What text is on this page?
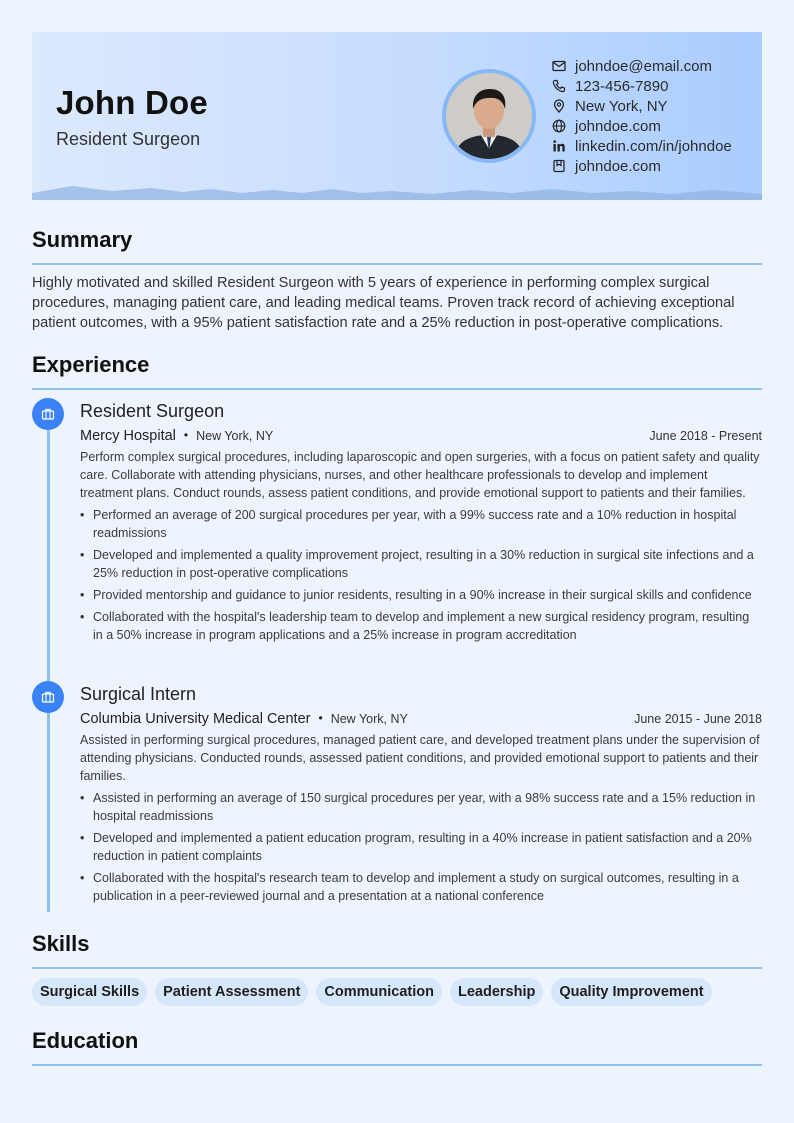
John Doe
Resident Surgeon
johndoe@email.com
123-456-7890
New York, NY
johndoe.com
linkedin.com/in/johndoe
johndoe.com
Summary
Highly motivated and skilled Resident Surgeon with 5 years of experience in performing complex surgical procedures, managing patient care, and leading medical teams. Proven track record of achieving exceptional patient outcomes, with a 95% patient satisfaction rate and a 25% reduction in post-operative complications.
Experience
Resident Surgeon
Mercy Hospital • New York, NY	June 2018 - Present
Perform complex surgical procedures, including laparoscopic and open surgeries, with a focus on patient safety and quality care. Collaborate with attending physicians, nurses, and other healthcare professionals to develop and implement treatment plans. Conduct rounds, assess patient conditions, and provide emotional support to patients and their families.
• Performed an average of 200 surgical procedures per year, with a 99% success rate and a 10% reduction in hospital readmissions
• Developed and implemented a quality improvement project, resulting in a 30% reduction in surgical site infections and a 25% reduction in post-operative complications
• Provided mentorship and guidance to junior residents, resulting in a 90% increase in their surgical skills and confidence
• Collaborated with the hospital's leadership team to develop and implement a new surgical residency program, resulting in a 50% increase in program applications and a 25% increase in program accreditation
Surgical Intern
Columbia University Medical Center • New York, NY	June 2015 - June 2018
Assisted in performing surgical procedures, managed patient care, and developed treatment plans under the supervision of attending physicians. Conducted rounds, assessed patient conditions, and provided emotional support to patients and their families.
• Assisted in performing an average of 150 surgical procedures per year, with a 98% success rate and a 15% reduction in hospital readmissions
• Developed and implemented a patient education program, resulting in a 40% increase in patient satisfaction and a 20% reduction in patient complaints
• Collaborated with the hospital's research team to develop and implement a study on surgical outcomes, resulting in a publication in a peer-reviewed journal and a presentation at a national conference
Skills
Surgical Skills	Patient Assessment	Communication	Leadership	Quality Improvement
Education
